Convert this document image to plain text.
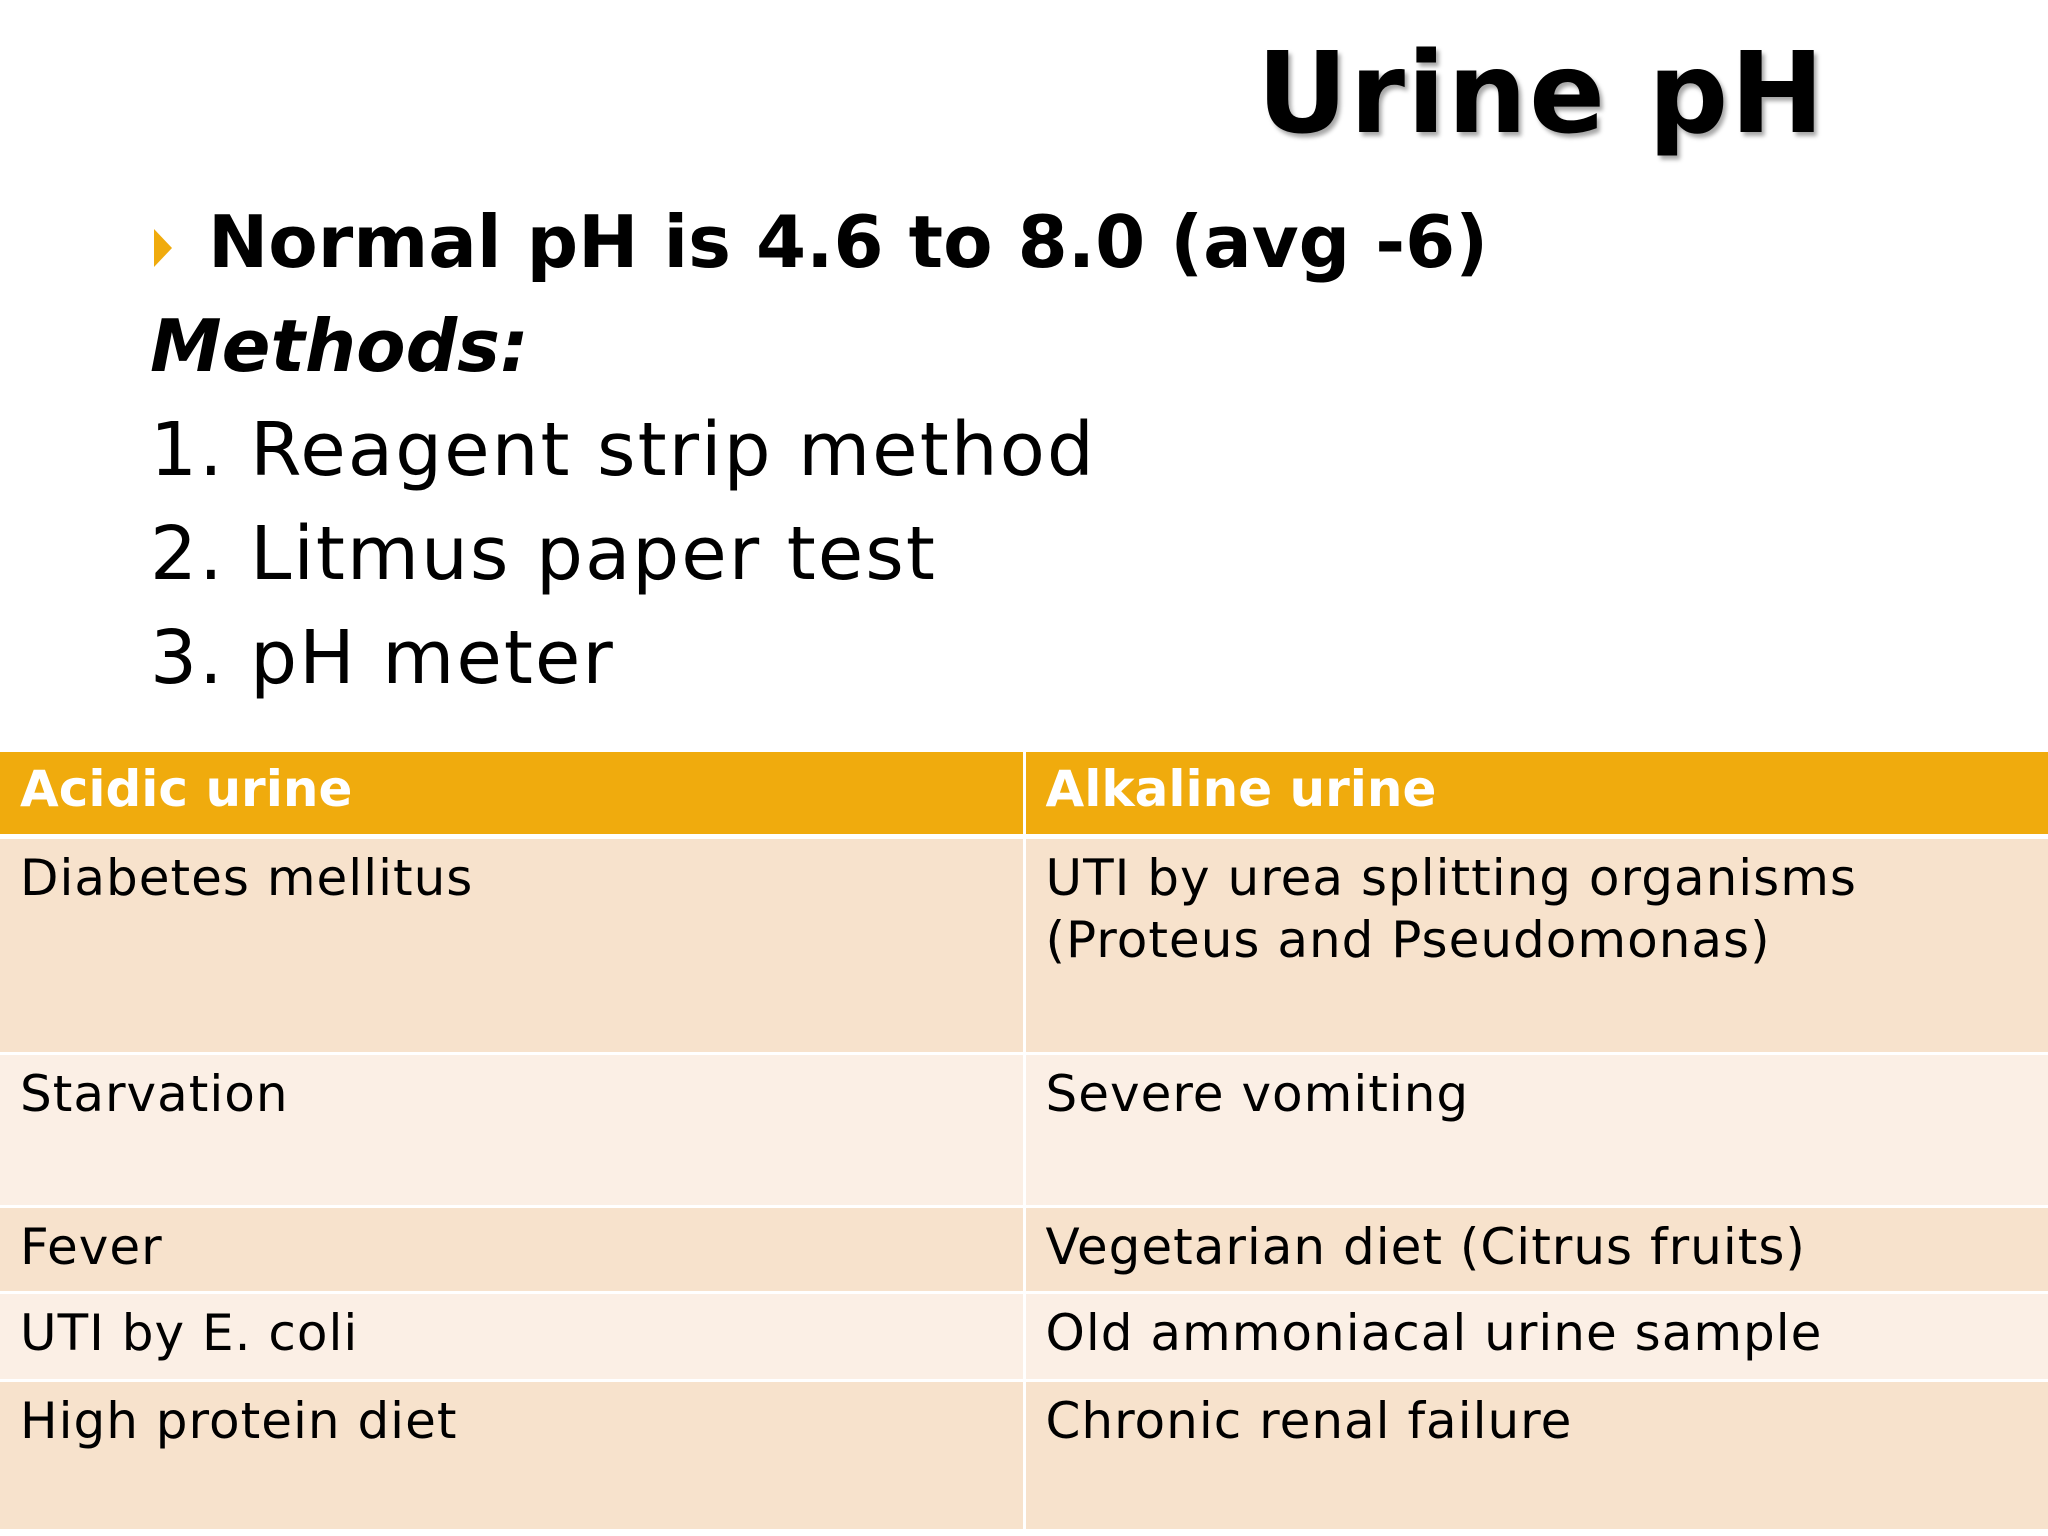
Urine pH
Normal pH is 4.6 to 8.0 (avg -6)
Methods:
1. Reagent strip method
2. Litmus paper test
3. pH meter
Acidic urine	Alkaline urine
Diabetes mellitus	UTI by urea splitting organisms (Proteus and Pseudomonas)
Starvation	Severe vomiting
Fever	Vegetarian diet (Citrus fruits)
UTI by E. coli	Old ammoniacal urine sample
High protein diet	Chronic renal failure
